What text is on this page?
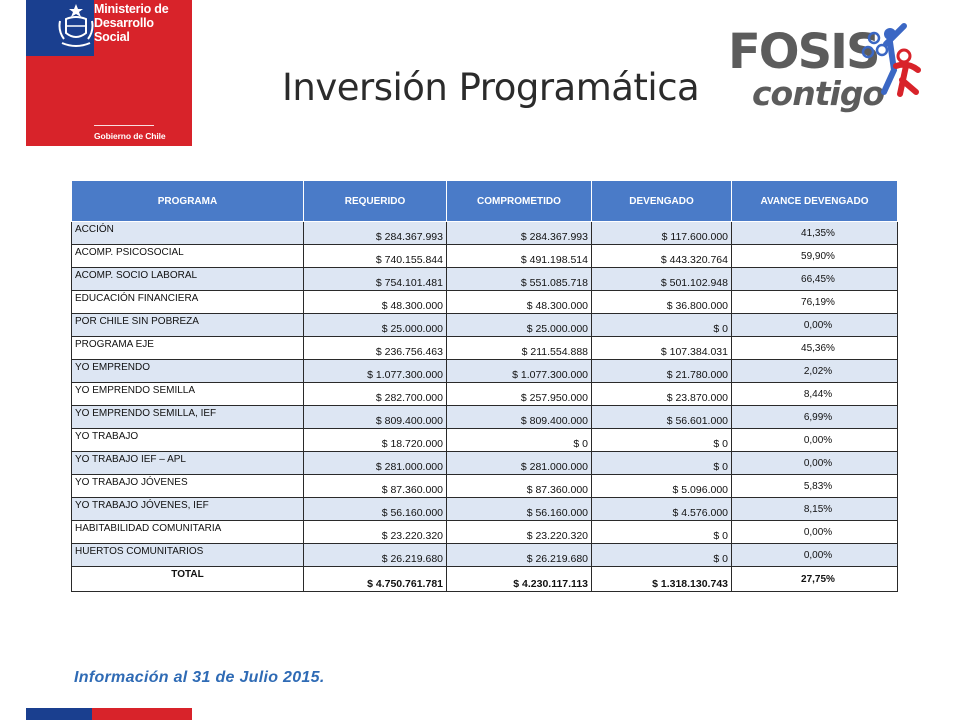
Ministerio de
Desarrollo
Social
Gobierno de Chile
Inversión Programática
FOSIS
contigo
PROGRAMA	REQUERIDO	COMPROMETIDO	DEVENGADO	AVANCE DEVENGADO
ACCIÓN	$ 284.367.993	$ 284.367.993	$ 117.600.000	41,35%
ACOMP. PSICOSOCIAL	$ 740.155.844	$ 491.198.514	$ 443.320.764	59,90%
ACOMP. SOCIO LABORAL	$ 754.101.481	$ 551.085.718	$ 501.102.948	66,45%
EDUCACIÓN FINANCIERA	$ 48.300.000	$ 48.300.000	$ 36.800.000	76,19%
POR CHILE SIN POBREZA	$ 25.000.000	$ 25.000.000	$ 0	0,00%
PROGRAMA EJE	$ 236.756.463	$ 211.554.888	$ 107.384.031	45,36%
YO EMPRENDO	$ 1.077.300.000	$ 1.077.300.000	$ 21.780.000	2,02%
YO EMPRENDO SEMILLA	$ 282.700.000	$ 257.950.000	$ 23.870.000	8,44%
YO EMPRENDO SEMILLA, IEF	$ 809.400.000	$ 809.400.000	$ 56.601.000	6,99%
YO TRABAJO	$ 18.720.000	$ 0	$ 0	0,00%
YO TRABAJO IEF – APL	$ 281.000.000	$ 281.000.000	$ 0	0,00%
YO TRABAJO JÓVENES	$ 87.360.000	$ 87.360.000	$ 5.096.000	5,83%
YO TRABAJO JÓVENES, IEF	$ 56.160.000	$ 56.160.000	$ 4.576.000	8,15%
HABITABILIDAD COMUNITARIA	$ 23.220.320	$ 23.220.320	$ 0	0,00%
HUERTOS COMUNITARIOS	$ 26.219.680	$ 26.219.680	$ 0	0,00%
TOTAL	$ 4.750.761.781	$ 4.230.117.113	$ 1.318.130.743	27,75%
Información al 31 de Julio 2015.
